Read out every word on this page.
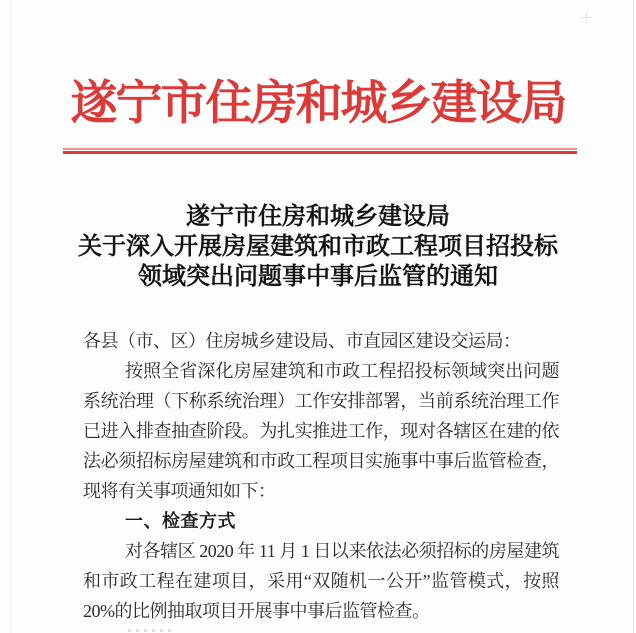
遂宁市住房和城乡建设局
遂宁市住房和城乡建设局
关于深入开展房屋建筑和市政工程项目招投标
领域突出问题事中事后监管的通知

各县（市、区）住房城乡建设局、市直园区建设交运局：

按照全省深化房屋建筑和市政工程招投标领域突出问题系统治理（下称系统治理）工作安排部署，当前系统治理工作已进入排查抽查阶段。为扎实推进工作，现对各辖区在建的依法必须招标房屋建筑和市政工程项目实施事中事后监管检查，现将有关事项通知如下：

一、检查方式

对各辖区 2020 年 11 月 1 日以来依法必须招标的房屋建筑和市政工程在建项目，采用“双随机一公开”监管模式，按照 20%的比例抽取项目开展事中事后监管检查。
